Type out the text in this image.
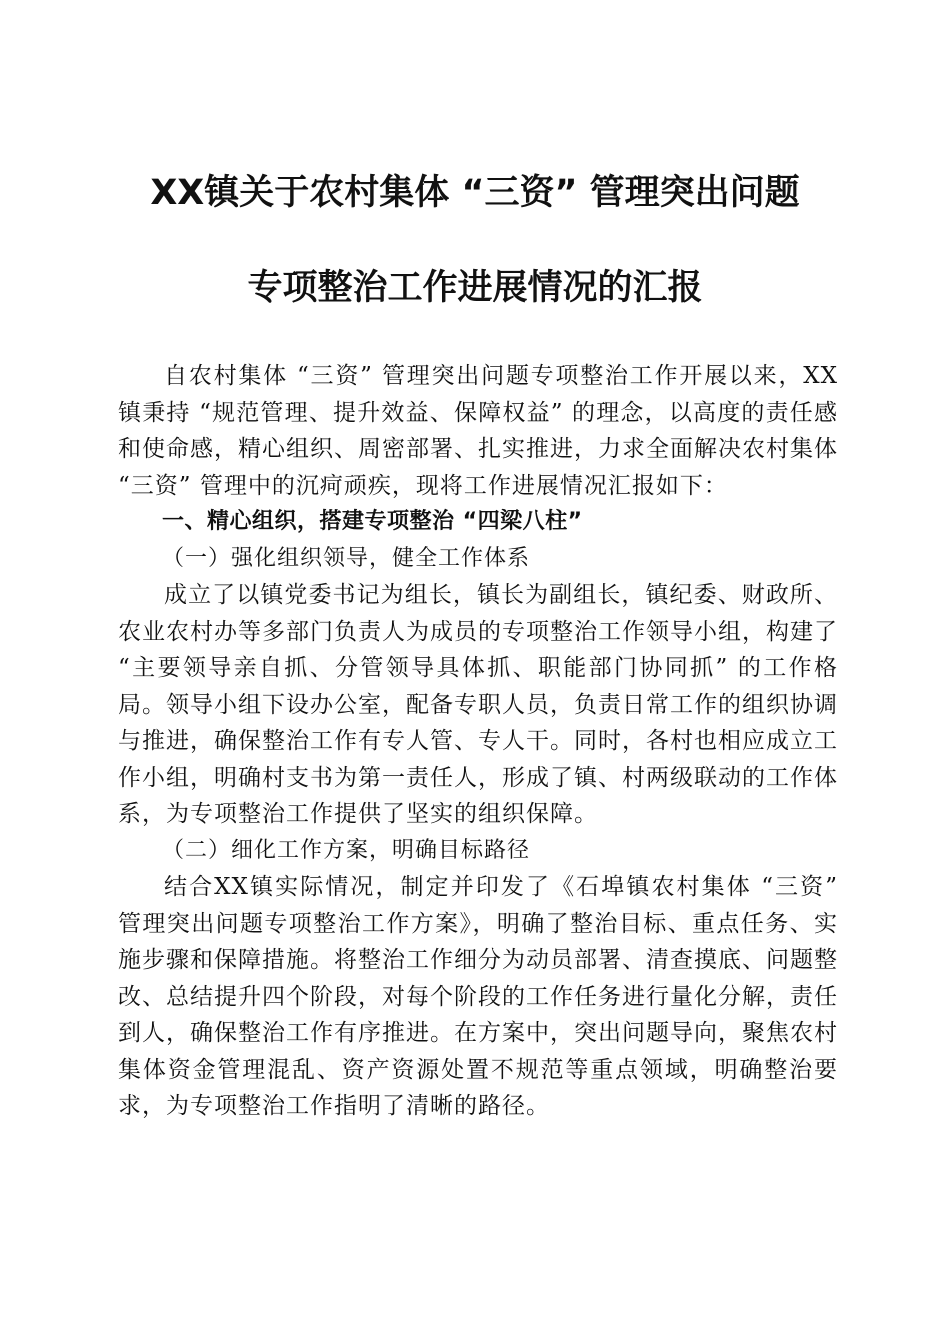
XX镇关于农村集体 “三资” 管理突出问题
专项整治工作进展情况的汇报

自农村集体 “三资” 管理突出问题专项整治工作开展以来，XX镇秉持 “规范管理、提升效益、保障权益” 的理念，以高度的责任感和使命感，精心组织、周密部署、扎实推进，力求全面解决农村集体 “三资” 管理中的沉疴顽疾，现将工作进展情况汇报如下：

一、精心组织，搭建专项整治 “四梁八柱”

（一）强化组织领导，健全工作体系

成立了以镇党委书记为组长，镇长为副组长，镇纪委、财政所、农业农村办等多部门负责人为成员的专项整治工作领导小组，构建了 “主要领导亲自抓、分管领导具体抓、职能部门协同抓” 的工作格局。领导小组下设办公室，配备专职人员，负责日常工作的组织协调与推进，确保整治工作有专人管、专人干。同时，各村也相应成立工作小组，明确村支书为第一责任人，形成了镇、村两级联动的工作体系，为专项整治工作提供了坚实的组织保障。

（二）细化工作方案，明确目标路径

结合XX镇实际情况，制定并印发了《石埠镇农村集体 “三资” 管理突出问题专项整治工作方案》，明确了整治目标、重点任务、实施步骤和保障措施。将整治工作细分为动员部署、清查摸底、问题整改、总结提升四个阶段，对每个阶段的工作任务进行量化分解，责任到人，确保整治工作有序推进。在方案中，突出问题导向，聚焦农村集体资金管理混乱、资产资源处置不规范等重点领域，明确整治要求，为专项整治工作指明了清晰的路径。
